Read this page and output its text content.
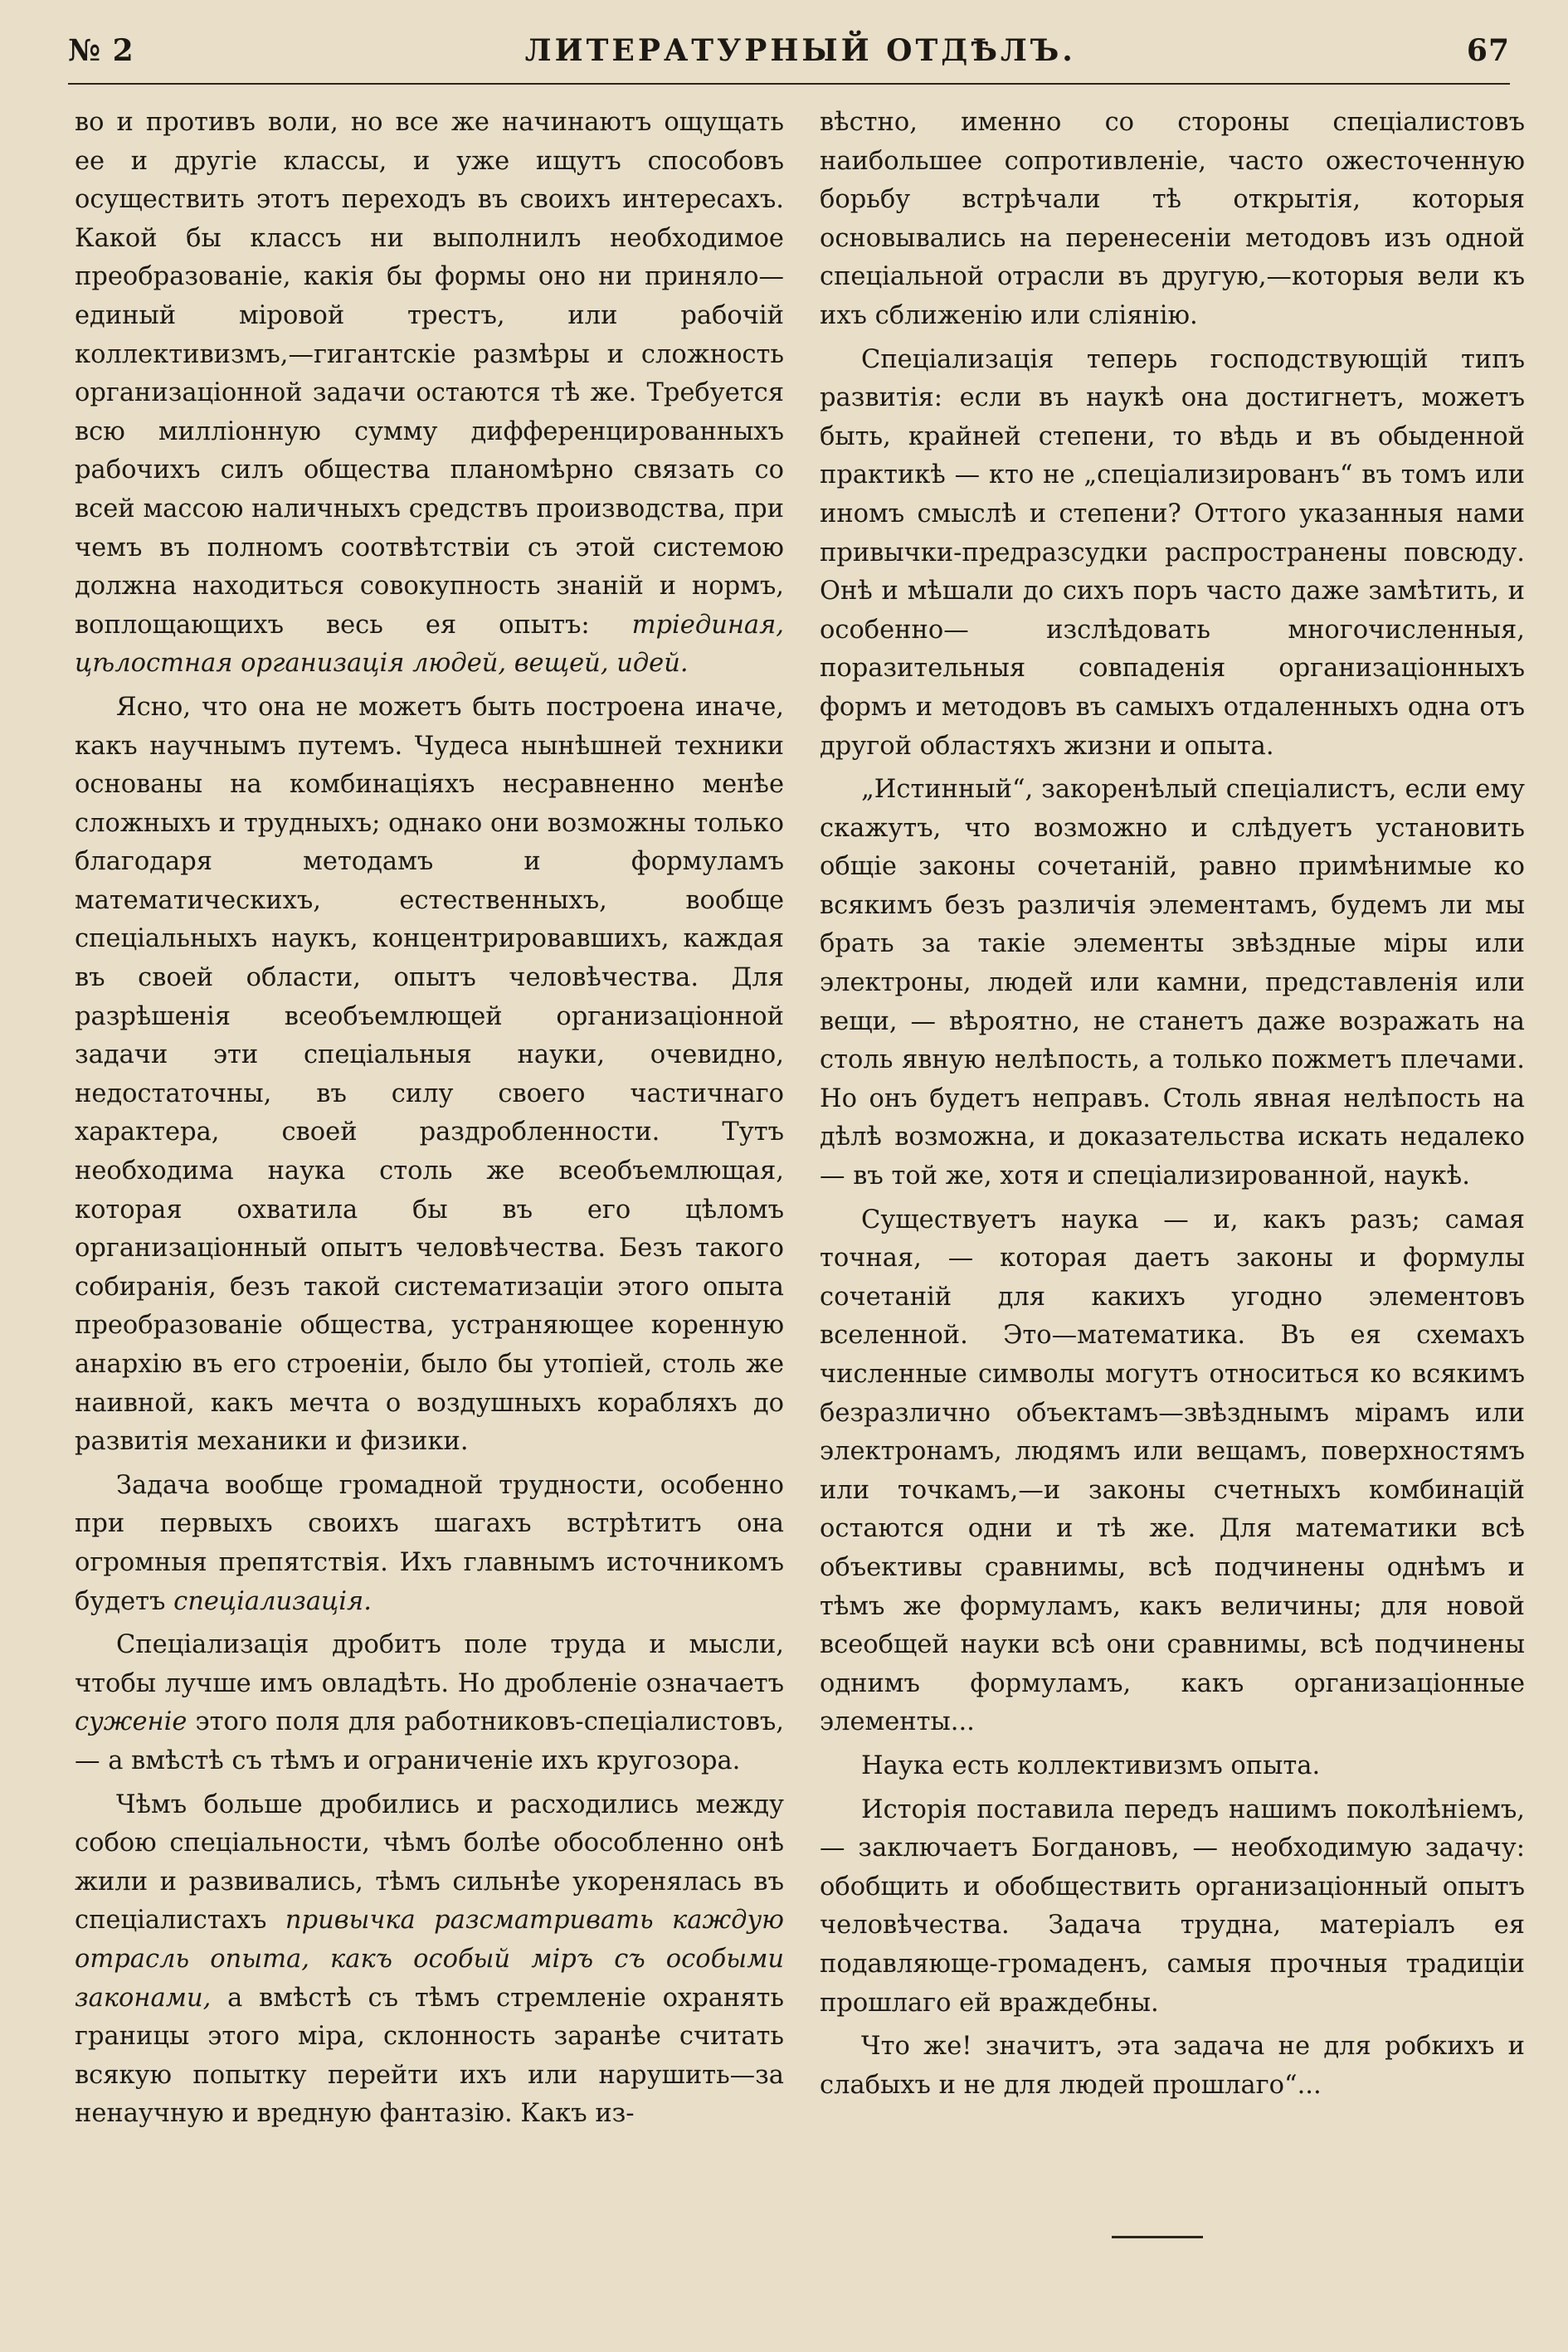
№ 2	ЛИТЕРАТУРНЫЙ ОТДѢЛЪ.	67

во и противъ воли, но все же начинаютъ ощущать ее и другіе классы, и уже ищутъ способовъ осуществить этотъ переходъ въ своихъ интересахъ. Какой бы классъ ни выполнилъ необходимое преобразованіе, какія бы формы оно ни приняло—единый міровой трестъ, или рабочій коллективизмъ,—гигантскіе размѣры и сложность организаціонной задачи остаются тѣ же. Требуется всю милліонную сумму дифференцированныхъ рабочихъ силъ общества планомѣрно связать со всей массою наличныхъ средствъ производства, при чемъ въ полномъ соотвѣтствіи съ этой системою должна находиться совокупность знаній и нормъ, воплощающихъ весь ея опытъ: тріединая, цѣлостная организація людей, вещей, идей.

Ясно, что она не можетъ быть построена иначе, какъ научнымъ путемъ. Чудеса нынѣшней техники основаны на комбинаціяхъ несравненно менѣе сложныхъ и трудныхъ; однако они возможны только благодаря методамъ и формуламъ математическихъ, естественныхъ, вообще спеціальныхъ наукъ, концентрировавшихъ, каждая въ своей области, опытъ человѣчества. Для разрѣшенія всеобъемлющей организаціонной задачи эти спеціальныя науки, очевидно, недостаточны, въ силу своего частичнаго характера, своей раздробленности. Тутъ необходима наука столь же всеобъемлющая, которая охватила бы въ его цѣломъ организаціонный опытъ человѣчества. Безъ такого собиранія, безъ такой систематизаціи этого опыта преобразованіе общества, устраняющее коренную анархію въ его строеніи, было бы утопіей, столь же наивной, какъ мечта о воздушныхъ корабляхъ до развитія механики и физики.

Задача вообще громадной трудности, особенно при первыхъ своихъ шагахъ встрѣтитъ она огромныя препятствія. Ихъ главнымъ источникомъ будетъ спеціализація.

Спеціализація дробитъ поле труда и мысли, чтобы лучше имъ овладѣть. Но дробленіе означаетъ суженіе этого поля для работниковъ-спеціалистовъ,— а вмѣстѣ съ тѣмъ и ограниченіе ихъ кругозора.

Чѣмъ больше дробились и расходились между собою спеціальности, чѣмъ болѣе обособленно онѣ жили и развивались, тѣмъ сильнѣе укоренялась въ спеціалистахъ привычка разсматривать каждую отрасль опыта, какъ особый міръ съ особыми законами, а вмѣстѣ съ тѣмъ стремленіе охранять границы этого міра, склонность заранѣе считать всякую попытку перейти ихъ или нарушить—за ненаучную и вредную фантазію. Какъ из-

вѣстно, именно со стороны спеціалистовъ наибольшее сопротивленіе, часто ожесточенную борьбу встрѣчали тѣ открытія, которыя основывались на перенесеніи методовъ изъ одной спеціальной отрасли въ другую,—которыя вели къ ихъ сближенію или сліянію.

Спеціализація теперь господствующій типъ развитія: если въ наукѣ она достигнетъ, можетъ быть, крайней степени, то вѣдь и въ обыденной практикѣ — кто не „спеціализированъ“ въ томъ или иномъ смыслѣ и степени? Оттого указанныя нами привычки-предразсудки распространены повсюду. Онѣ и мѣшали до сихъ поръ часто даже замѣтить, и особенно— изслѣдовать многочисленныя, поразительныя совпаденія организаціонныхъ формъ и методовъ въ самыхъ отдаленныхъ одна отъ другой областяхъ жизни и опыта.

„Истинный“, закоренѣлый спеціалистъ, если ему скажутъ, что возможно и слѣдуетъ установить общіе законы сочетаній, равно примѣнимые ко всякимъ безъ различія элементамъ, будемъ ли мы брать за такіе элементы звѣздные міры или электроны, людей или камни, представленія или вещи, — вѣроятно, не станетъ даже возражать на столь явную нелѣпость, а только пожметъ плечами. Но онъ будетъ неправъ. Столь явная нелѣпость на дѣлѣ возможна, и доказательства искать недалеко— въ той же, хотя и спеціализированной, наукѣ.

Существуетъ наука — и, какъ разъ; самая точная, — которая даетъ законы и формулы сочетаній для какихъ угодно элементовъ вселенной. Это—математика. Въ ея схемахъ численные символы могутъ относиться ко всякимъ безразлично объектамъ—звѣзднымъ мірамъ или электронамъ, людямъ или вещамъ, поверхностямъ или точкамъ,—и законы счетныхъ комбинацій остаются одни и тѣ же. Для математики всѣ объективы сравнимы, всѣ подчинены однѣмъ и тѣмъ же формуламъ, какъ величины; для новой всеобщей науки всѣ они сравнимы, всѣ подчинены однимъ формуламъ, какъ организаціонные элементы...

Наука есть коллективизмъ опыта.

Исторія поставила передъ нашимъ поколѣніемъ, — заключаетъ Богдановъ, — необходимую задачу: обобщить и обобществить организаціонный опытъ человѣчества. Задача трудна, матеріалъ ея подавляюще-громаденъ, самыя прочныя традиціи прошлаго ей враждебны.

Что же! значитъ, эта задача не для робкихъ и слабыхъ и не для людей прошлаго“...
